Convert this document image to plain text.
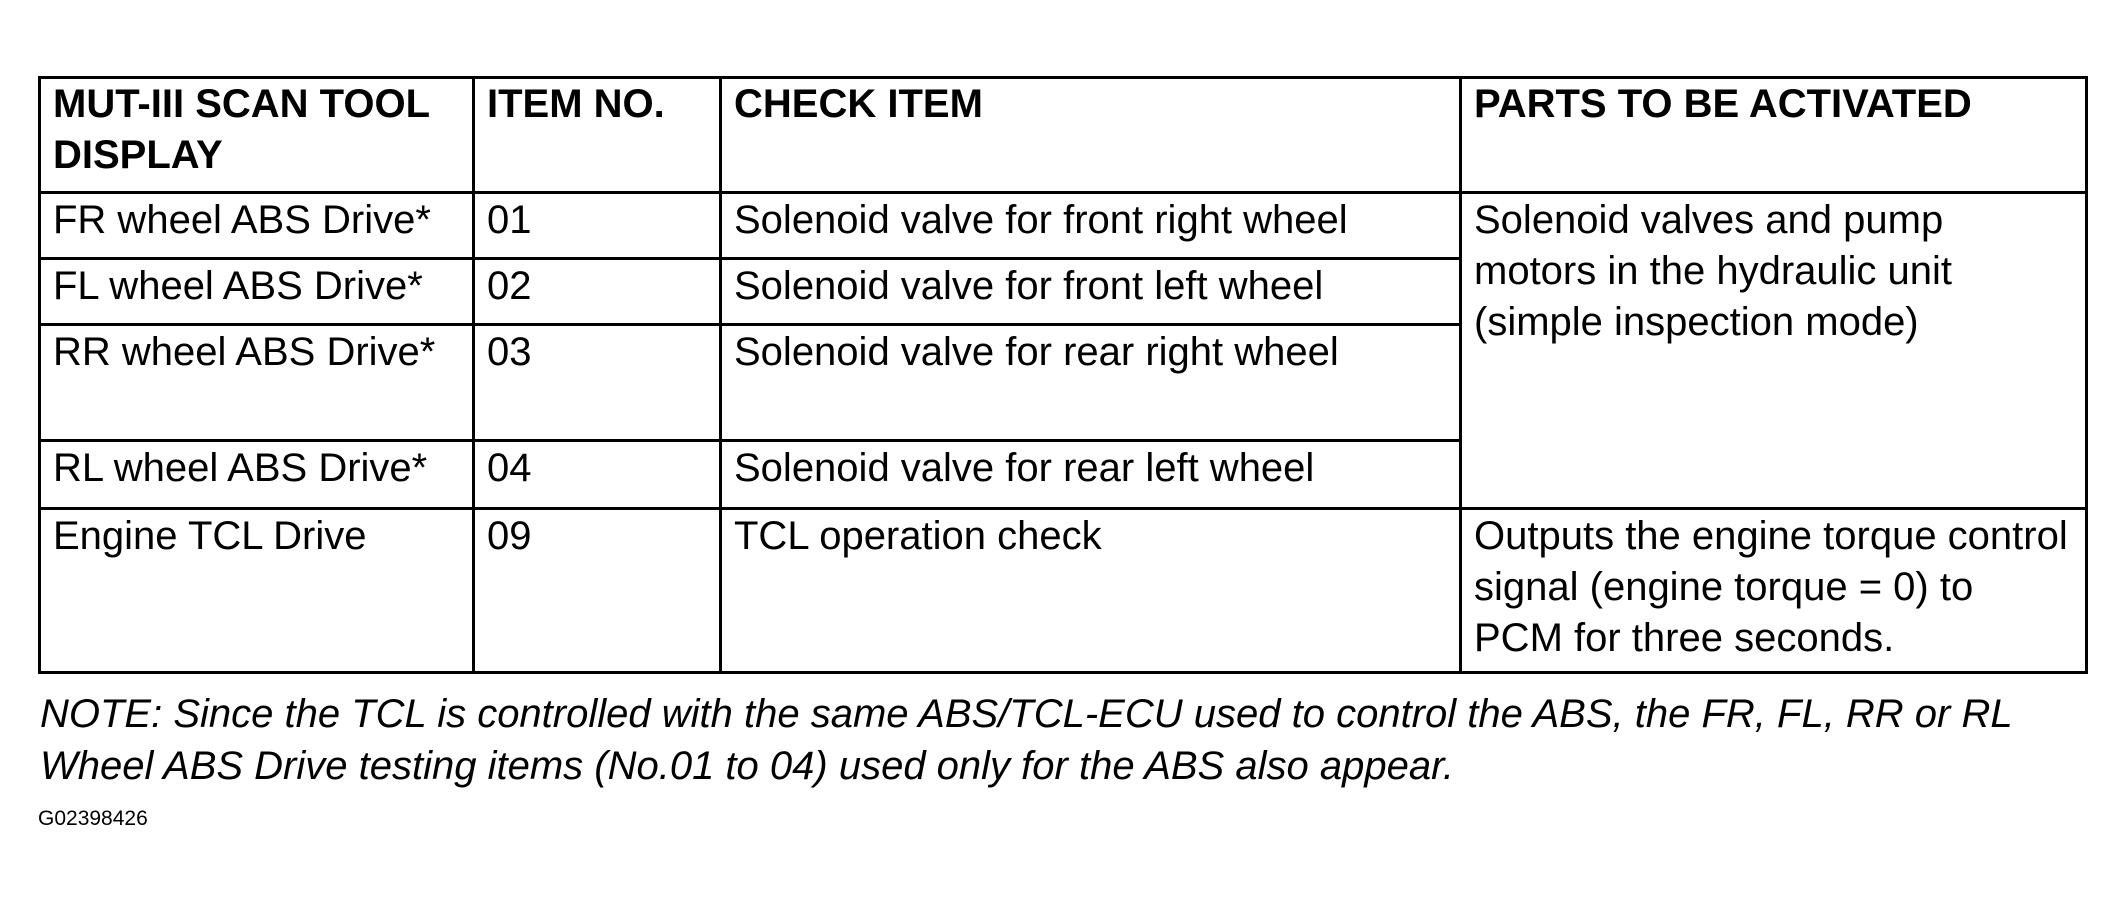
MUT-III SCAN TOOL DISPLAY	ITEM NO.	CHECK ITEM	PARTS TO BE ACTIVATED
FR wheel ABS Drive*	01	Solenoid valve for front right wheel	Solenoid valves and pump motors in the hydraulic unit (simple inspection mode)
FL wheel ABS Drive*	02	Solenoid valve for front left wheel	
RR wheel ABS Drive*	03	Solenoid valve for rear right wheel	
RL wheel ABS Drive*	04	Solenoid valve for rear left wheel	
Engine TCL Drive	09	TCL operation check	Outputs the engine torque control signal (engine torque = 0) to PCM for three seconds.

NOTE: Since the TCL is controlled with the same ABS/TCL-ECU used to control the ABS, the FR, FL, RR or RL Wheel ABS Drive testing items (No.01 to 04) used only for the ABS also appear.

G02398426
